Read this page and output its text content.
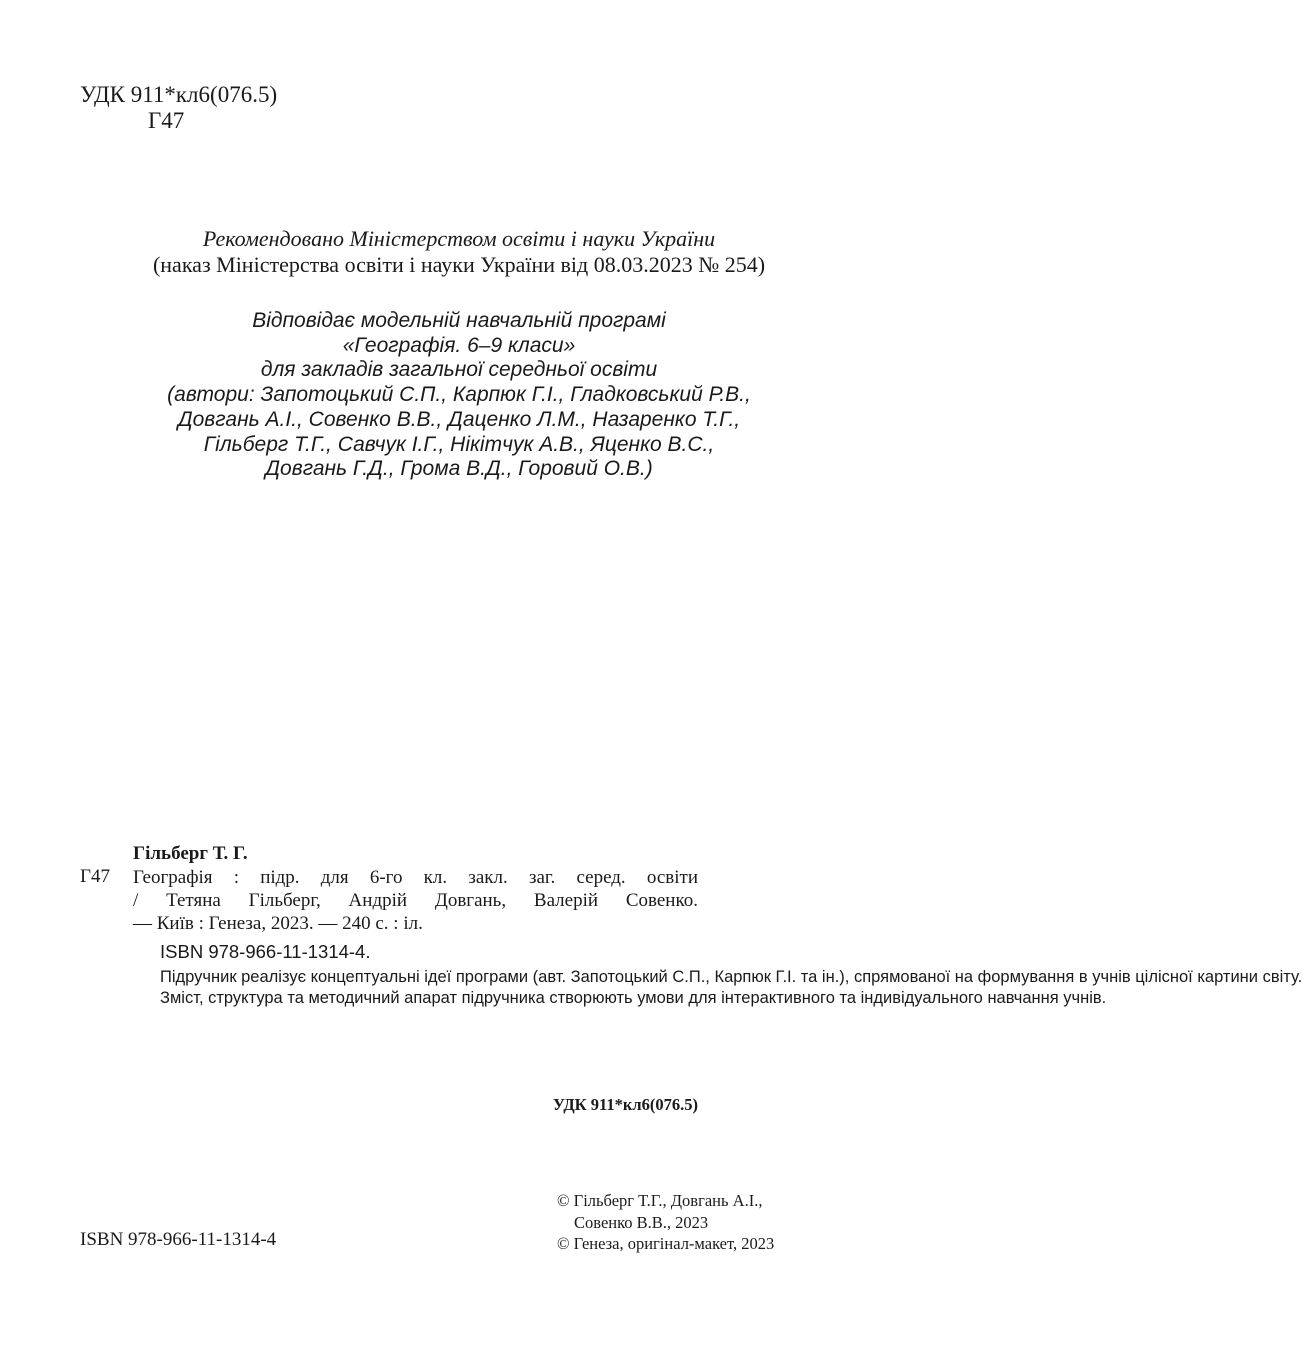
УДК 911*кл6(076.5)
Г47
Рекомендовано Міністерством освіти і науки України
(наказ Міністерства освіти і науки України від 08.03.2023 № 254)
Відповідає модельній навчальній програмі
«Географія. 6–9 класи»
для закладів загальної середньої освіти
(автори: Запотоцький С.П., Карпюк Г.І., Гладковський Р.В.,
Довгань А.І., Совенко В.В., Даценко Л.М., Назаренко Т.Г.,
Гільберг Т.Г., Савчук І.Г., Нікітчук А.В., Яценко В.С.,
Довгань Г.Д., Грома В.Д., Горовий О.В.)
Гільберг Т. Г.
Г47 Географія : підр. для 6-го кл. закл. заг. серед. освіти
/ Тетяна Гільберг, Андрій Довгань, Валерій Совенко.
— Київ : Генеза, 2023. — 240 с. : іл.
ISBN 978-966-11-1314-4.

Підручник реалізує концептуальні ідеї програми (авт. Запотоцький С.П., Карпюк Г.І. та ін.), спрямованої на формування в учнів цілісної картини світу.

Зміст, структура та методичний апарат підручника створюють умови для інтерактивного та індивідуального навчання учнів.

УДК 911*кл6(076.5)
ISBN 978-966-11-1314-4
© Гільберг Т.Г., Довгань А.І.,
Совенко В.В., 2023
© Генеза, оригінал-макет, 2023
